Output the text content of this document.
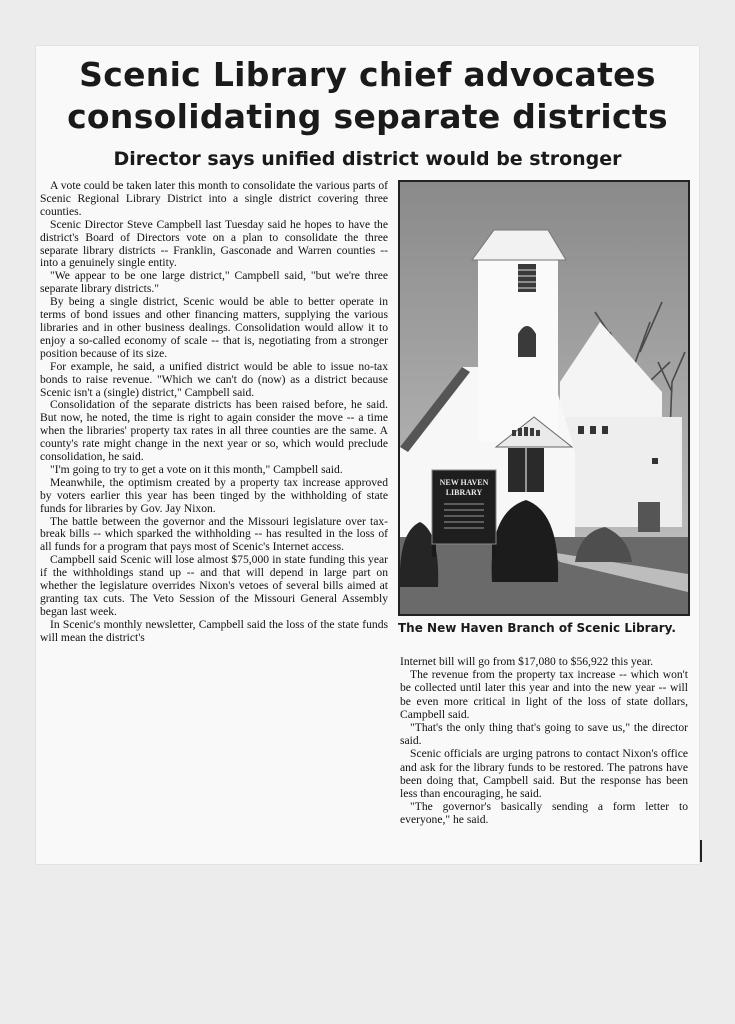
Scenic Library chief advocates
consolidating separate districts
Director says unified district would be stronger

A vote could be taken later this month to consolidate the various parts of Scenic Regional Library District into a single district covering three counties.

Scenic Director Steve Campbell last Tuesday said he hopes to have the district's Board of Directors vote on a plan to consolidate the three separate library districts -- Franklin, Gasconade and Warren counties -- into a genuinely single entity.

"We appear to be one large district," Campbell said, "but we're three separate library districts."

By being a single district, Scenic would be able to better operate in terms of bond issues and other financing matters, supplying the various libraries and in other business dealings. Consolidation would allow it to enjoy a so-called economy of scale -- that is, negotiating from a stronger position because of its size.

For example, he said, a unified district would be able to issue no-tax bonds to raise revenue. "Which we can't do (now) as a district because Scenic isn't a (single) district," Campbell said.

Consolidation of the separate districts has been raised before, he said. But now, he noted, the time is right to again consider the move -- a time when the libraries' property tax rates in all three counties are the same. A county's rate might change in the next year or so, which would preclude consolidation, he said.

"I'm going to try to get a vote on it this month," Campbell said.

Meanwhile, the optimism created by a property tax increase approved by voters earlier this year has been tinged by the withholding of state funds for libraries by Gov. Jay Nixon.

The battle between the governor and the Missouri legislature over tax-break bills -- which sparked the withholding -- has resulted in the loss of all funds for a program that pays most of Scenic's Internet access.

Campbell said Scenic will lose almost $75,000 in state funding this year if the withholdings stand up -- and that will depend in large part on whether the legislature overrides Nixon's vetoes of several bills aimed at granting tax cuts. The Veto Session of the Missouri General Assembly began last week.

In Scenic's monthly newsletter, Campbell said the loss of the state funds will mean the district's

NEW HAVEN
LIBRARY
The New Haven Branch of Scenic Library.

Internet bill will go from $17,080 to $56,922 this year.

The revenue from the property tax increase -- which won't be collected until later this year and into the new year -- will be even more critical in light of the loss of state dollars, Campbell said.

"That's the only thing that's going to save us," the director said.

Scenic officials are urging patrons to contact Nixon's office and ask for the library funds to be restored. The patrons have been doing that, Campbell said. But the response has been less than encouraging, he said.

"The governor's basically sending a form letter to everyone," he said.
